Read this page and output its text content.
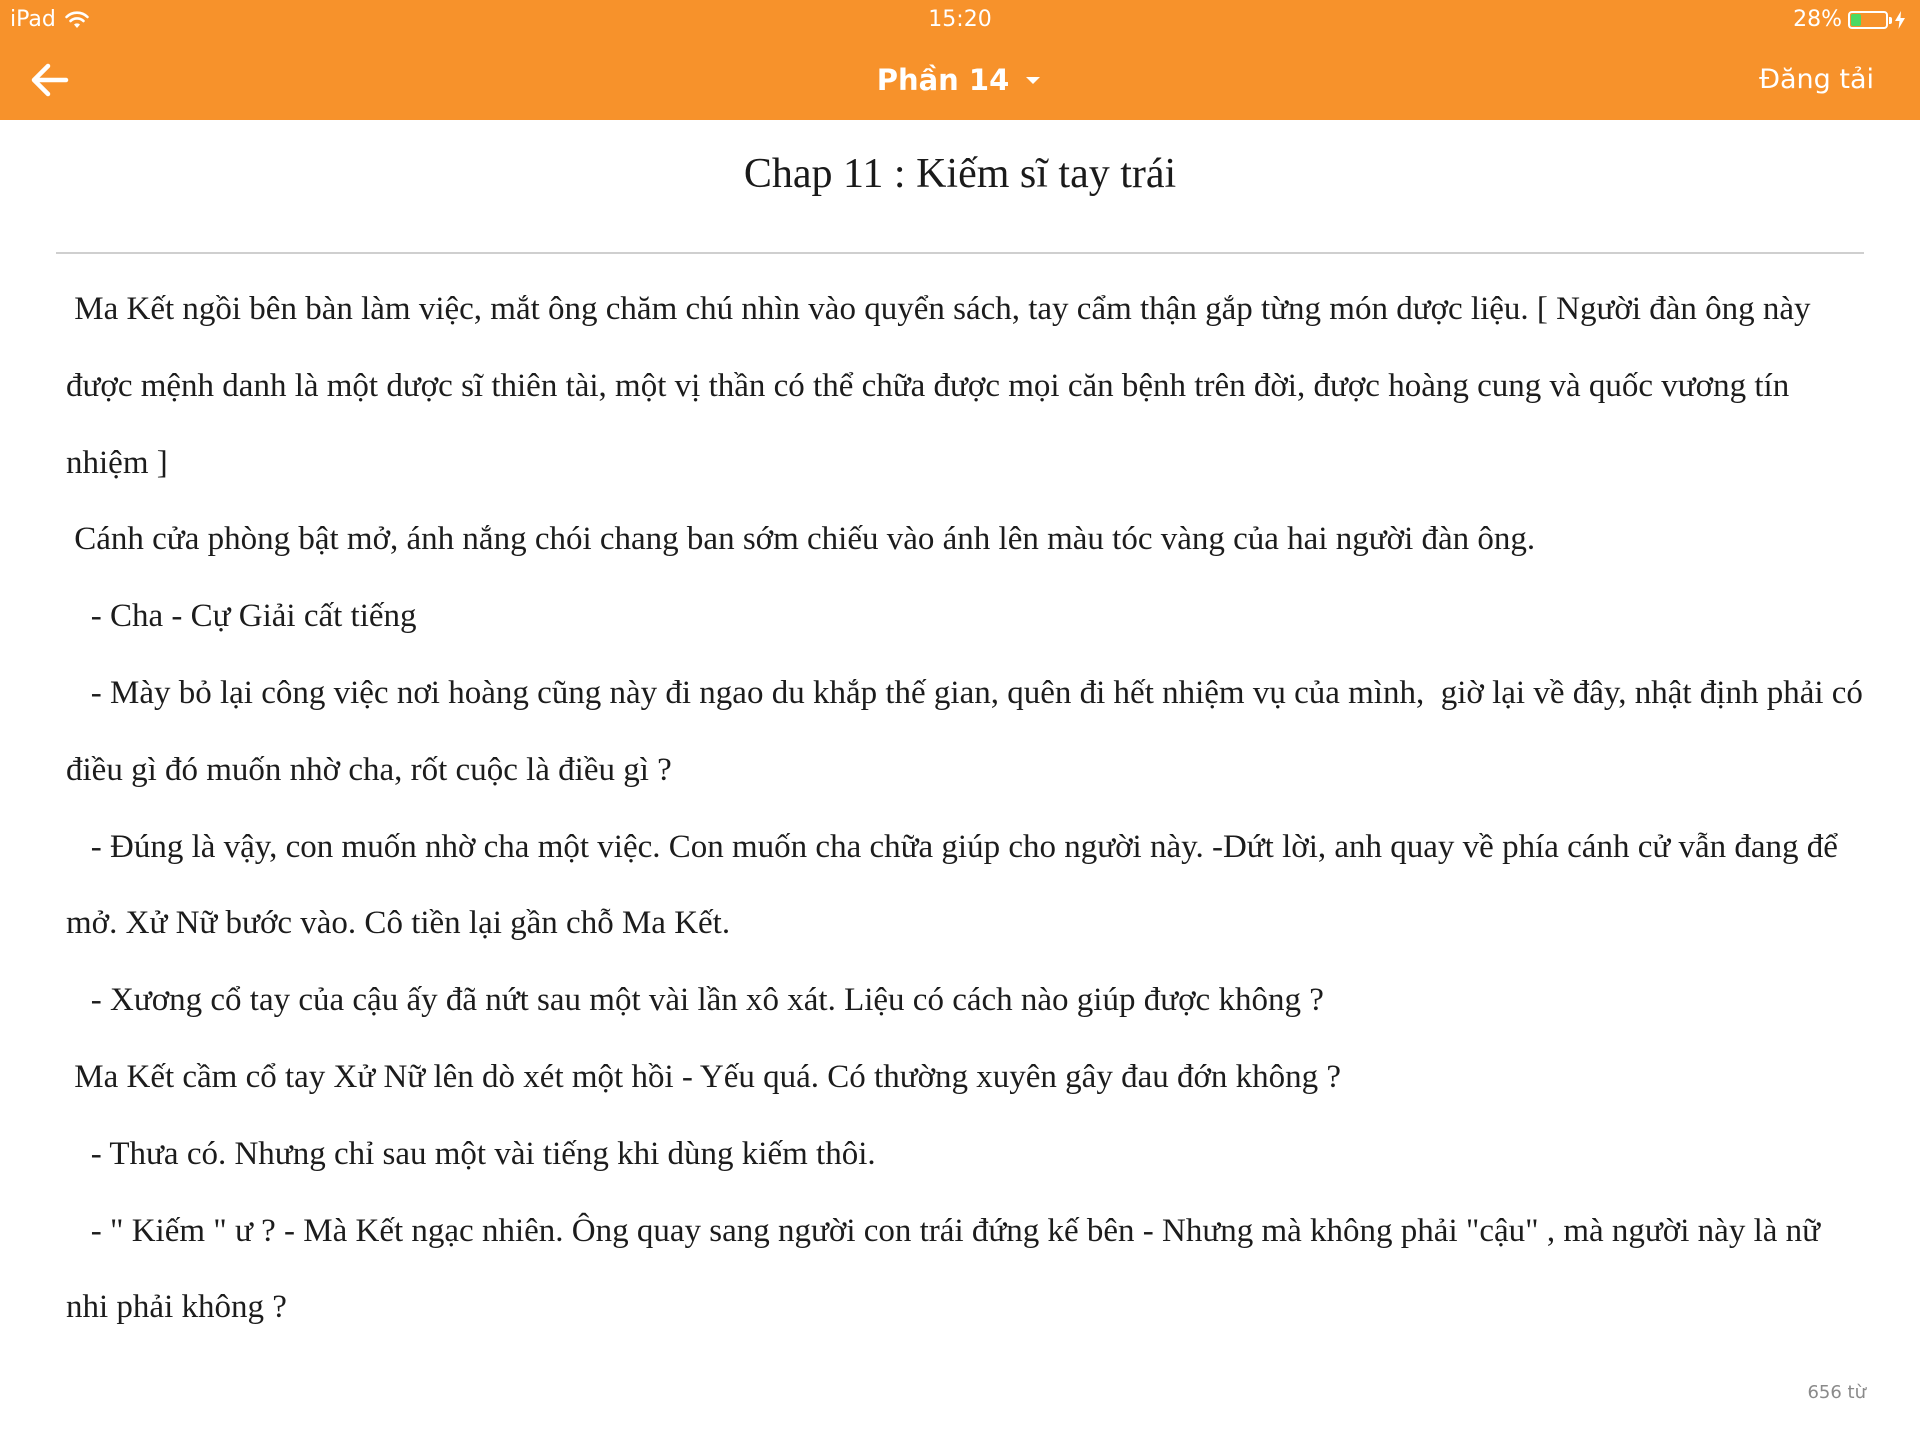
iPad	15:20	28%
Phần 14	Đăng tải
Chap 11 : Kiếm sĩ tay trái

Ma Kết ngồi bên bàn làm việc, mắt ông chăm chú nhìn vào quyển sách, tay cẩm thận gắp từng món dược liệu. [ Người đàn ông này được mệnh danh là một dược sĩ thiên tài, một vị thần có thể chữa được mọi căn bệnh trên đời, được hoàng cung và quốc vương tín nhiệm ]

Cánh cửa phòng bật mở, ánh nắng chói chang ban sớm chiếu vào ánh lên màu tóc vàng của hai người đàn ông.

- Cha - Cự Giải cất tiếng

- Mày bỏ lại công việc nơi hoàng cũng này đi ngao du khắp thế gian, quên đi hết nhiệm vụ của mình,  giờ lại về đây, nhật định phải có điều gì đó muốn nhờ cha, rốt cuộc là điều gì ?

- Đúng là vậy, con muốn nhờ cha một việc. Con muốn cha chữa giúp cho người này. -Dứt lời, anh quay về phía cánh cử vẫn đang để mở. Xử Nữ bước vào. Cô tiền lại gần chỗ Ma Kết.

- Xương cổ tay của cậu ấy đã nứt sau một vài lần xô xát. Liệu có cách nào giúp được không ?

Ma Kết cầm cổ tay Xử Nữ lên dò xét một hồi - Yếu quá. Có thường xuyên gây đau đớn không ?

- Thưa có. Nhưng chỉ sau một vài tiếng khi dùng kiếm thôi.

- " Kiếm " ư ? - Mà Kết ngạc nhiên. Ông quay sang người con trái đứng kế bên - Nhưng mà không phải "cậu" , mà người này là nữ nhi phải không ?

656 từ
